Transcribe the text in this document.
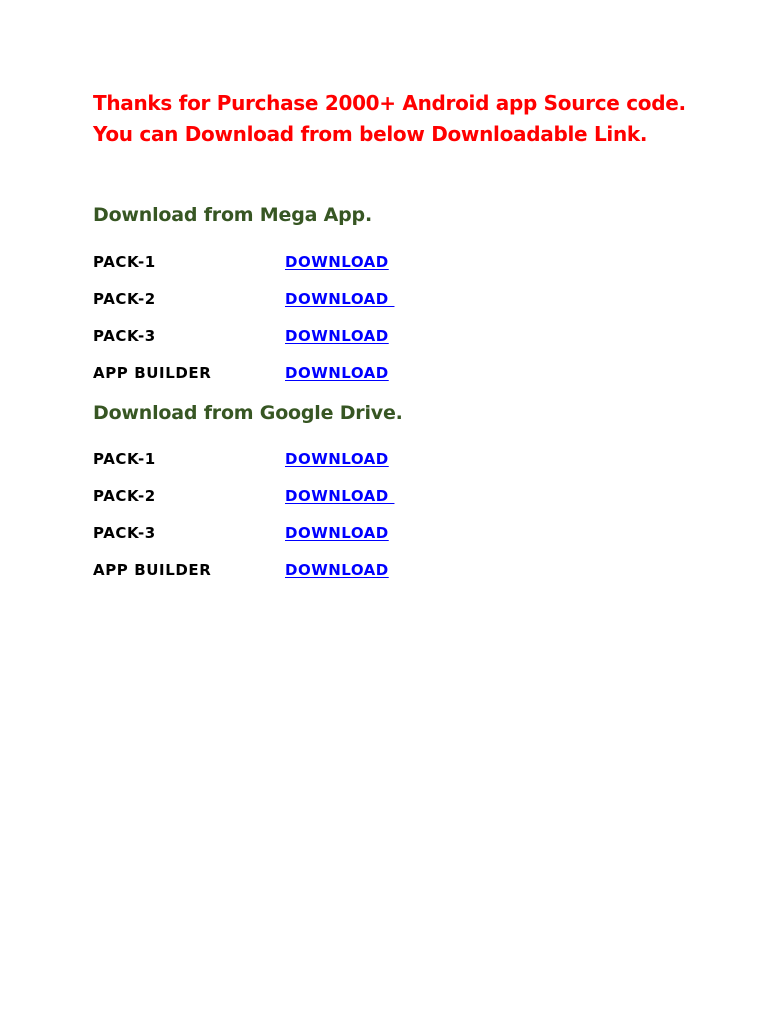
Thanks for Purchase 2000+ Android app Source code.
You can Download from below Downloadable Link.
Download from Mega App.
PACK-1	DOWNLOAD
PACK-2	DOWNLOAD
PACK-3	DOWNLOAD
APP BUILDER	DOWNLOAD
Download from Google Drive.
PACK-1	DOWNLOAD
PACK-2	DOWNLOAD
PACK-3	DOWNLOAD
APP BUILDER	DOWNLOAD
